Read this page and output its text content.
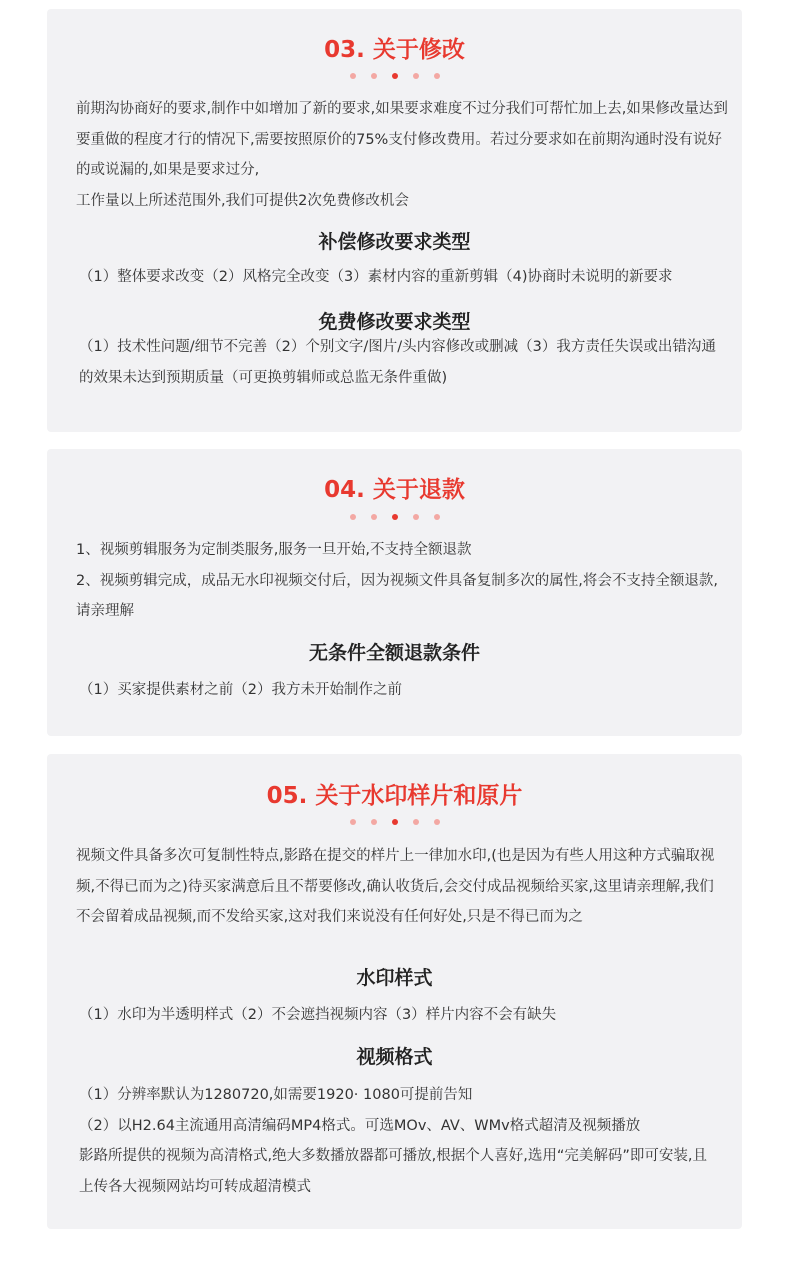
03. 关于修改

前期沟协商好的要求,制作中如增加了新的要求,如果要求难度不过分我们可帮忙加上去,如果修改量达到要重做的程度才行的情况下,需要按照原价的75%支付修改费用。若过分要求如在前期沟通时没有说好的或说漏的,如果是要求过分,

工作量以上所述范围外,我们可提供2次免费修改机会

补偿修改要求类型

（1）整体要求改变（2）风格完全改变（3）素材内容的重新剪辑（4)协商时未说明的新要求

免费修改要求类型

（1）技术性问题/细节不完善（2）个别文字/图片/头内容修改或删减（3）我方责任失误或出错沟通的效果未达到预期质量（可更换剪辑师或总监无条件重做)

04. 关于退款

1、视频剪辑服务为定制类服务,服务一旦开始,不支持全额退款

2、视频剪辑完成，成品无水印视频交付后，因为视频文件具备复制多次的属性,将会不支持全额退款,请亲理解

无条件全额退款条件

（1）买家提供素材之前（2）我方未开始制作之前

05. 关于水印样片和原片

视频文件具备多次可复制性特点,影路在提交的样片上一律加水印,(也是因为有些人用这种方式骗取视频,不得已而为之)待买家满意后且不帮要修改,确认收货后,会交付成品视频给买家,这里请亲理解,我们不会留着成品视频,而不发给买家,这对我们来说没有任何好处,只是不得已而为之

水印样式

（1）水印为半透明样式（2）不会遮挡视频内容（3）样片内容不会有缺失

视频格式

（1）分辨率默认为1280720,如需要1920· 1080可提前告知

（2）以H2.64主流通用高清编码MP4格式。可选MOv、AV、WMv格式超清及视频播放

影路所提供的视频为高清格式,绝大多数播放器都可播放,根据个人喜好,选用“完美解码”即可安装,且上传各大视频网站均可转成超清模式
